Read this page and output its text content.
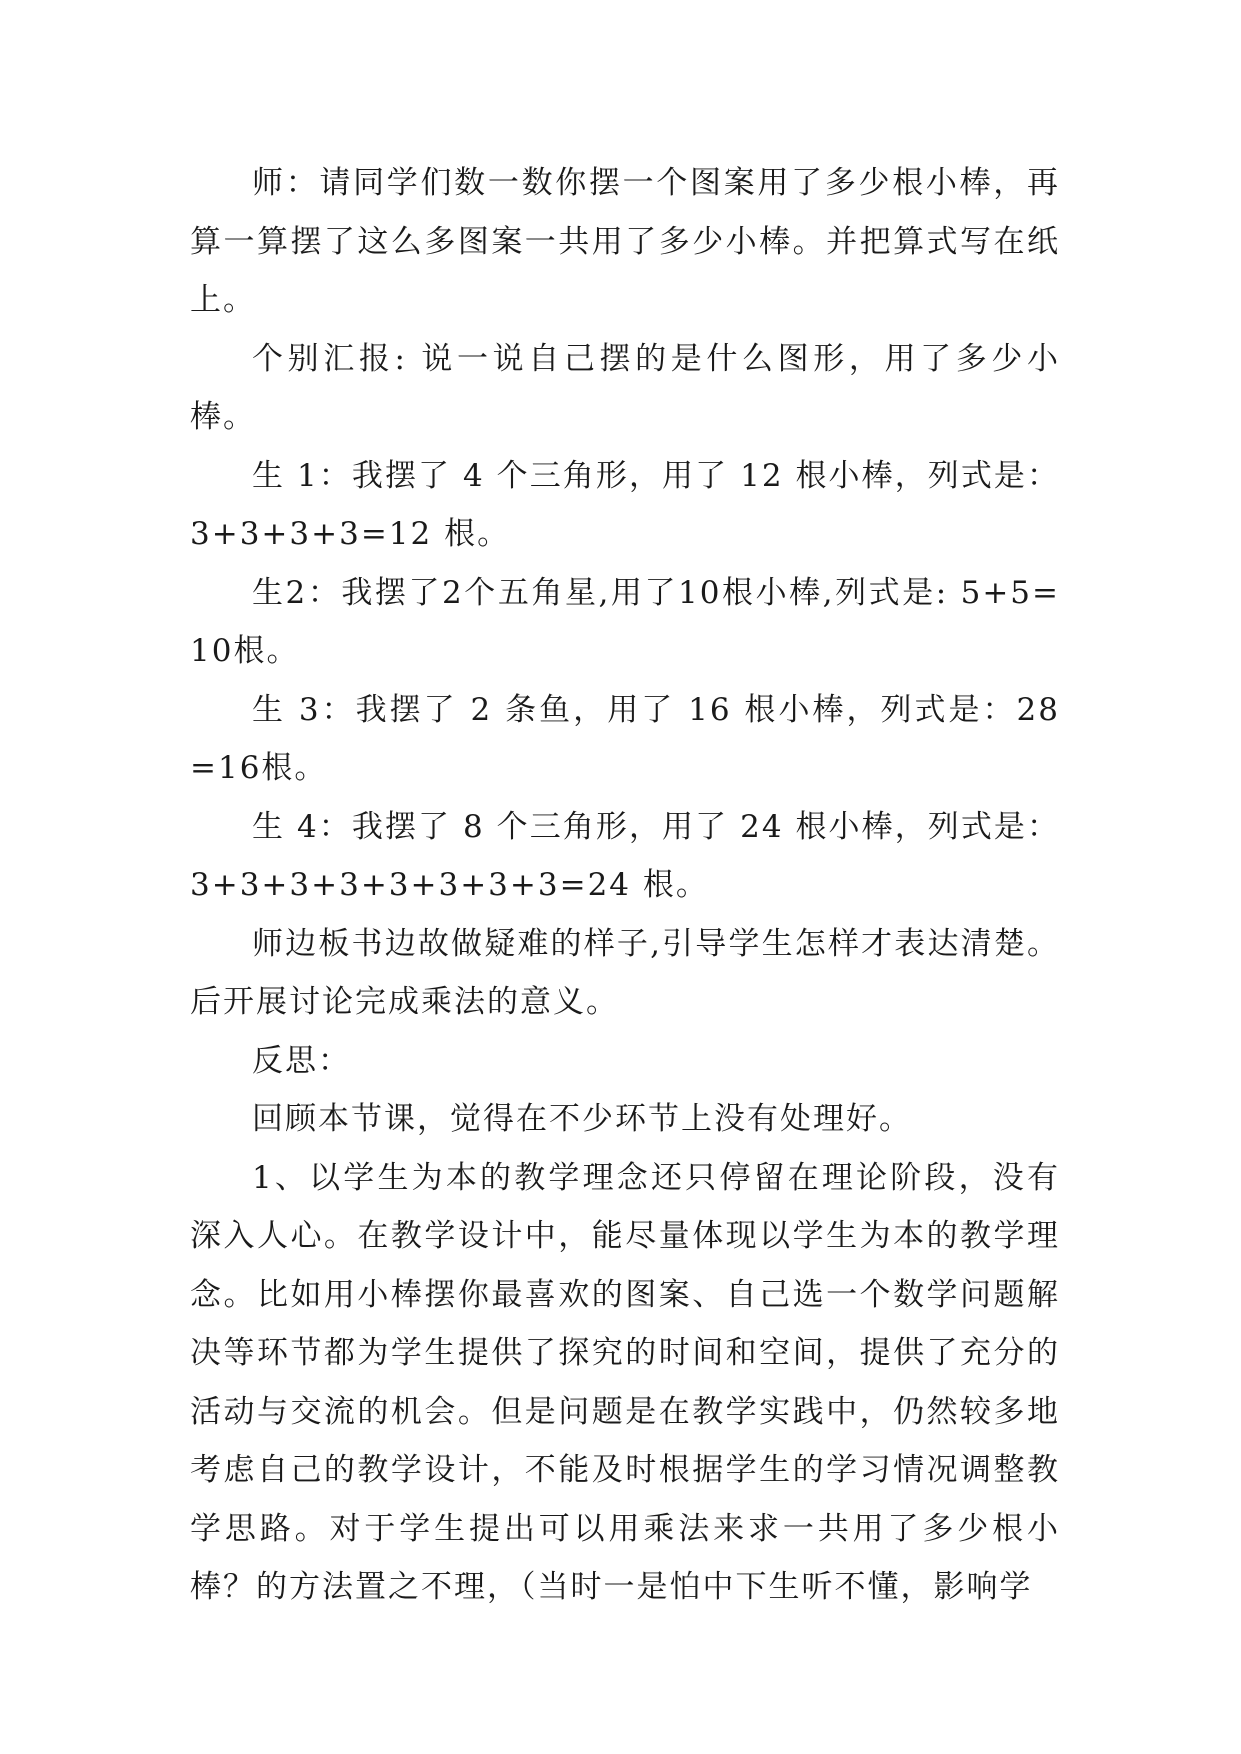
师：请同学们数一数你摆一个图案用了多少根小棒，再算一算摆了这么多图案一共用了多少小棒。并把算式写在纸上。

个别汇报: 说一说自己摆的是什么图形，用了多少小棒。

生 1：我摆了 4 个三角形，用了 12 根小棒，列式是：3+3+3+3=12 根。

生2：我摆了2个五角星,用了10根小棒,列式是: 5+5=10根。

生 3：我摆了 2 条鱼，用了 16 根小棒，列式是：28=16根。

生 4：我摆了 8 个三角形，用了 24 根小棒，列式是：3+3+3+3+3+3+3+3=24 根。

师边板书边故做疑难的样子,引导学生怎样才表达清楚。后开展讨论完成乘法的意义。

反思：

回顾本节课，觉得在不少环节上没有处理好。

1、以学生为本的教学理念还只停留在理论阶段，没有深入人心。在教学设计中，能尽量体现以学生为本的教学理念。比如用小棒摆你最喜欢的图案、自己选一个数学问题解决等环节都为学生提供了探究的时间和空间，提供了充分的活动与交流的机会。但是问题是在教学实践中，仍然较多地考虑自己的教学设计，不能及时根据学生的学习情况调整教学思路。对于学生提出可以用乘法来求一共用了多少根小棒？的方法置之不理，（当时一是怕中下生听不懂，影响学
